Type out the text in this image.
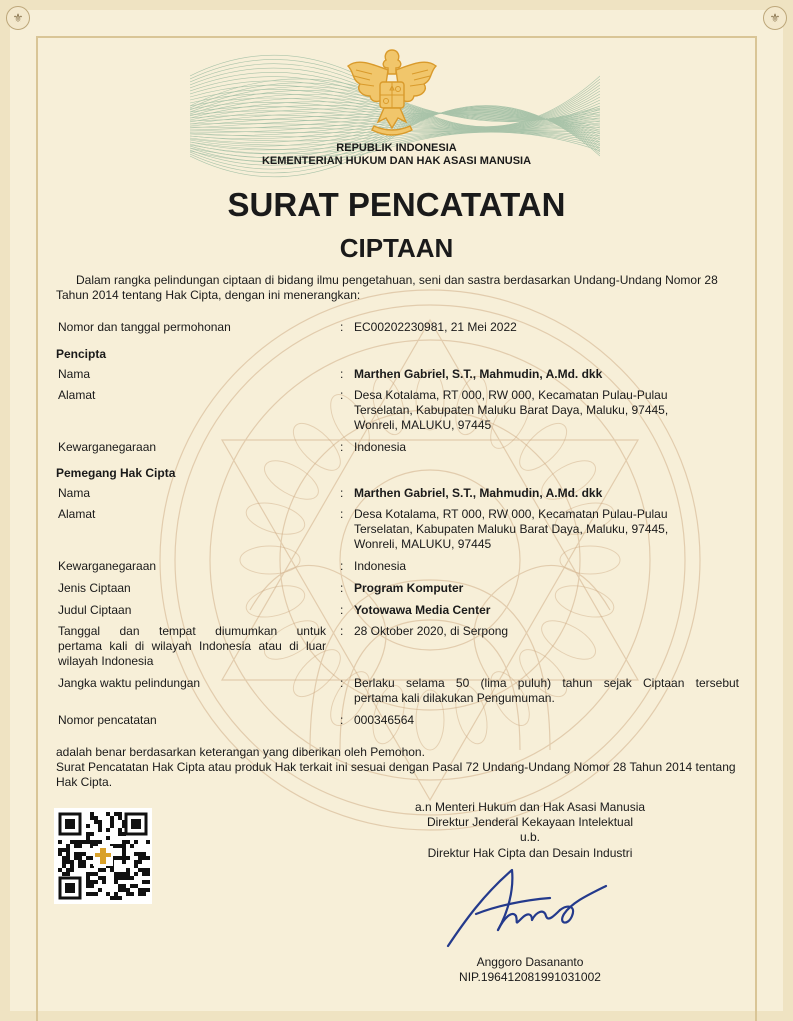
⚜	⚜
REPUBLIK INDONESIA
KEMENTERIAN HUKUM DAN HAK ASASI MANUSIA
SURAT PENCATATAN
CIPTAAN
Dalam rangka pelindungan ciptaan di bidang ilmu pengetahuan, seni dan sastra berdasarkan Undang-Undang Nomor 28 Tahun 2014 tentang Hak Cipta, dengan ini menerangkan:
Nomor dan tanggal permohonan	: EC00202230981, 21 Mei 2022
Pencipta
Nama	: Marthen Gabriel, S.T., Mahmudin, A.Md. dkk
Alamat	: Desa Kotalama, RT 000, RW 000, Kecamatan Pulau-Pulau
Terselatan, Kabupaten Maluku Barat Daya, Maluku, 97445,
Wonreli, MALUKU, 97445
Kewarganegaraan	: Indonesia
Pemegang Hak Cipta
Nama	: Marthen Gabriel, S.T., Mahmudin, A.Md. dkk
Alamat	: Desa Kotalama, RT 000, RW 000, Kecamatan Pulau-Pulau
Terselatan, Kabupaten Maluku Barat Daya, Maluku, 97445,
Wonreli, MALUKU, 97445
Kewarganegaraan	: Indonesia
Jenis Ciptaan	: Program Komputer
Judul Ciptaan	: Yotowawa Media Center
Tanggal dan tempat diumumkan untuk
pertama kali di wilayah Indonesia atau di luar
wilayah Indonesia
: 28 Oktober 2020, di Serpong
Jangka waktu pelindungan	: Berlaku selama 50 (lima puluh) tahun sejak Ciptaan tersebut
pertama kali dilakukan Pengumuman.
Nomor pencatatan	: 000346564
adalah benar berdasarkan keterangan yang diberikan oleh Pemohon.
Surat Pencatatan Hak Cipta atau produk Hak terkait ini sesuai dengan Pasal 72 Undang-Undang Nomor 28 Tahun 2014 tentang Hak Cipta.
a.n Menteri Hukum dan Hak Asasi Manusia
Direktur Jenderal Kekayaan Intelektual
u.b.
Direktur Hak Cipta dan Desain Industri
Anggoro Dasananto
NIP.196412081991031002
